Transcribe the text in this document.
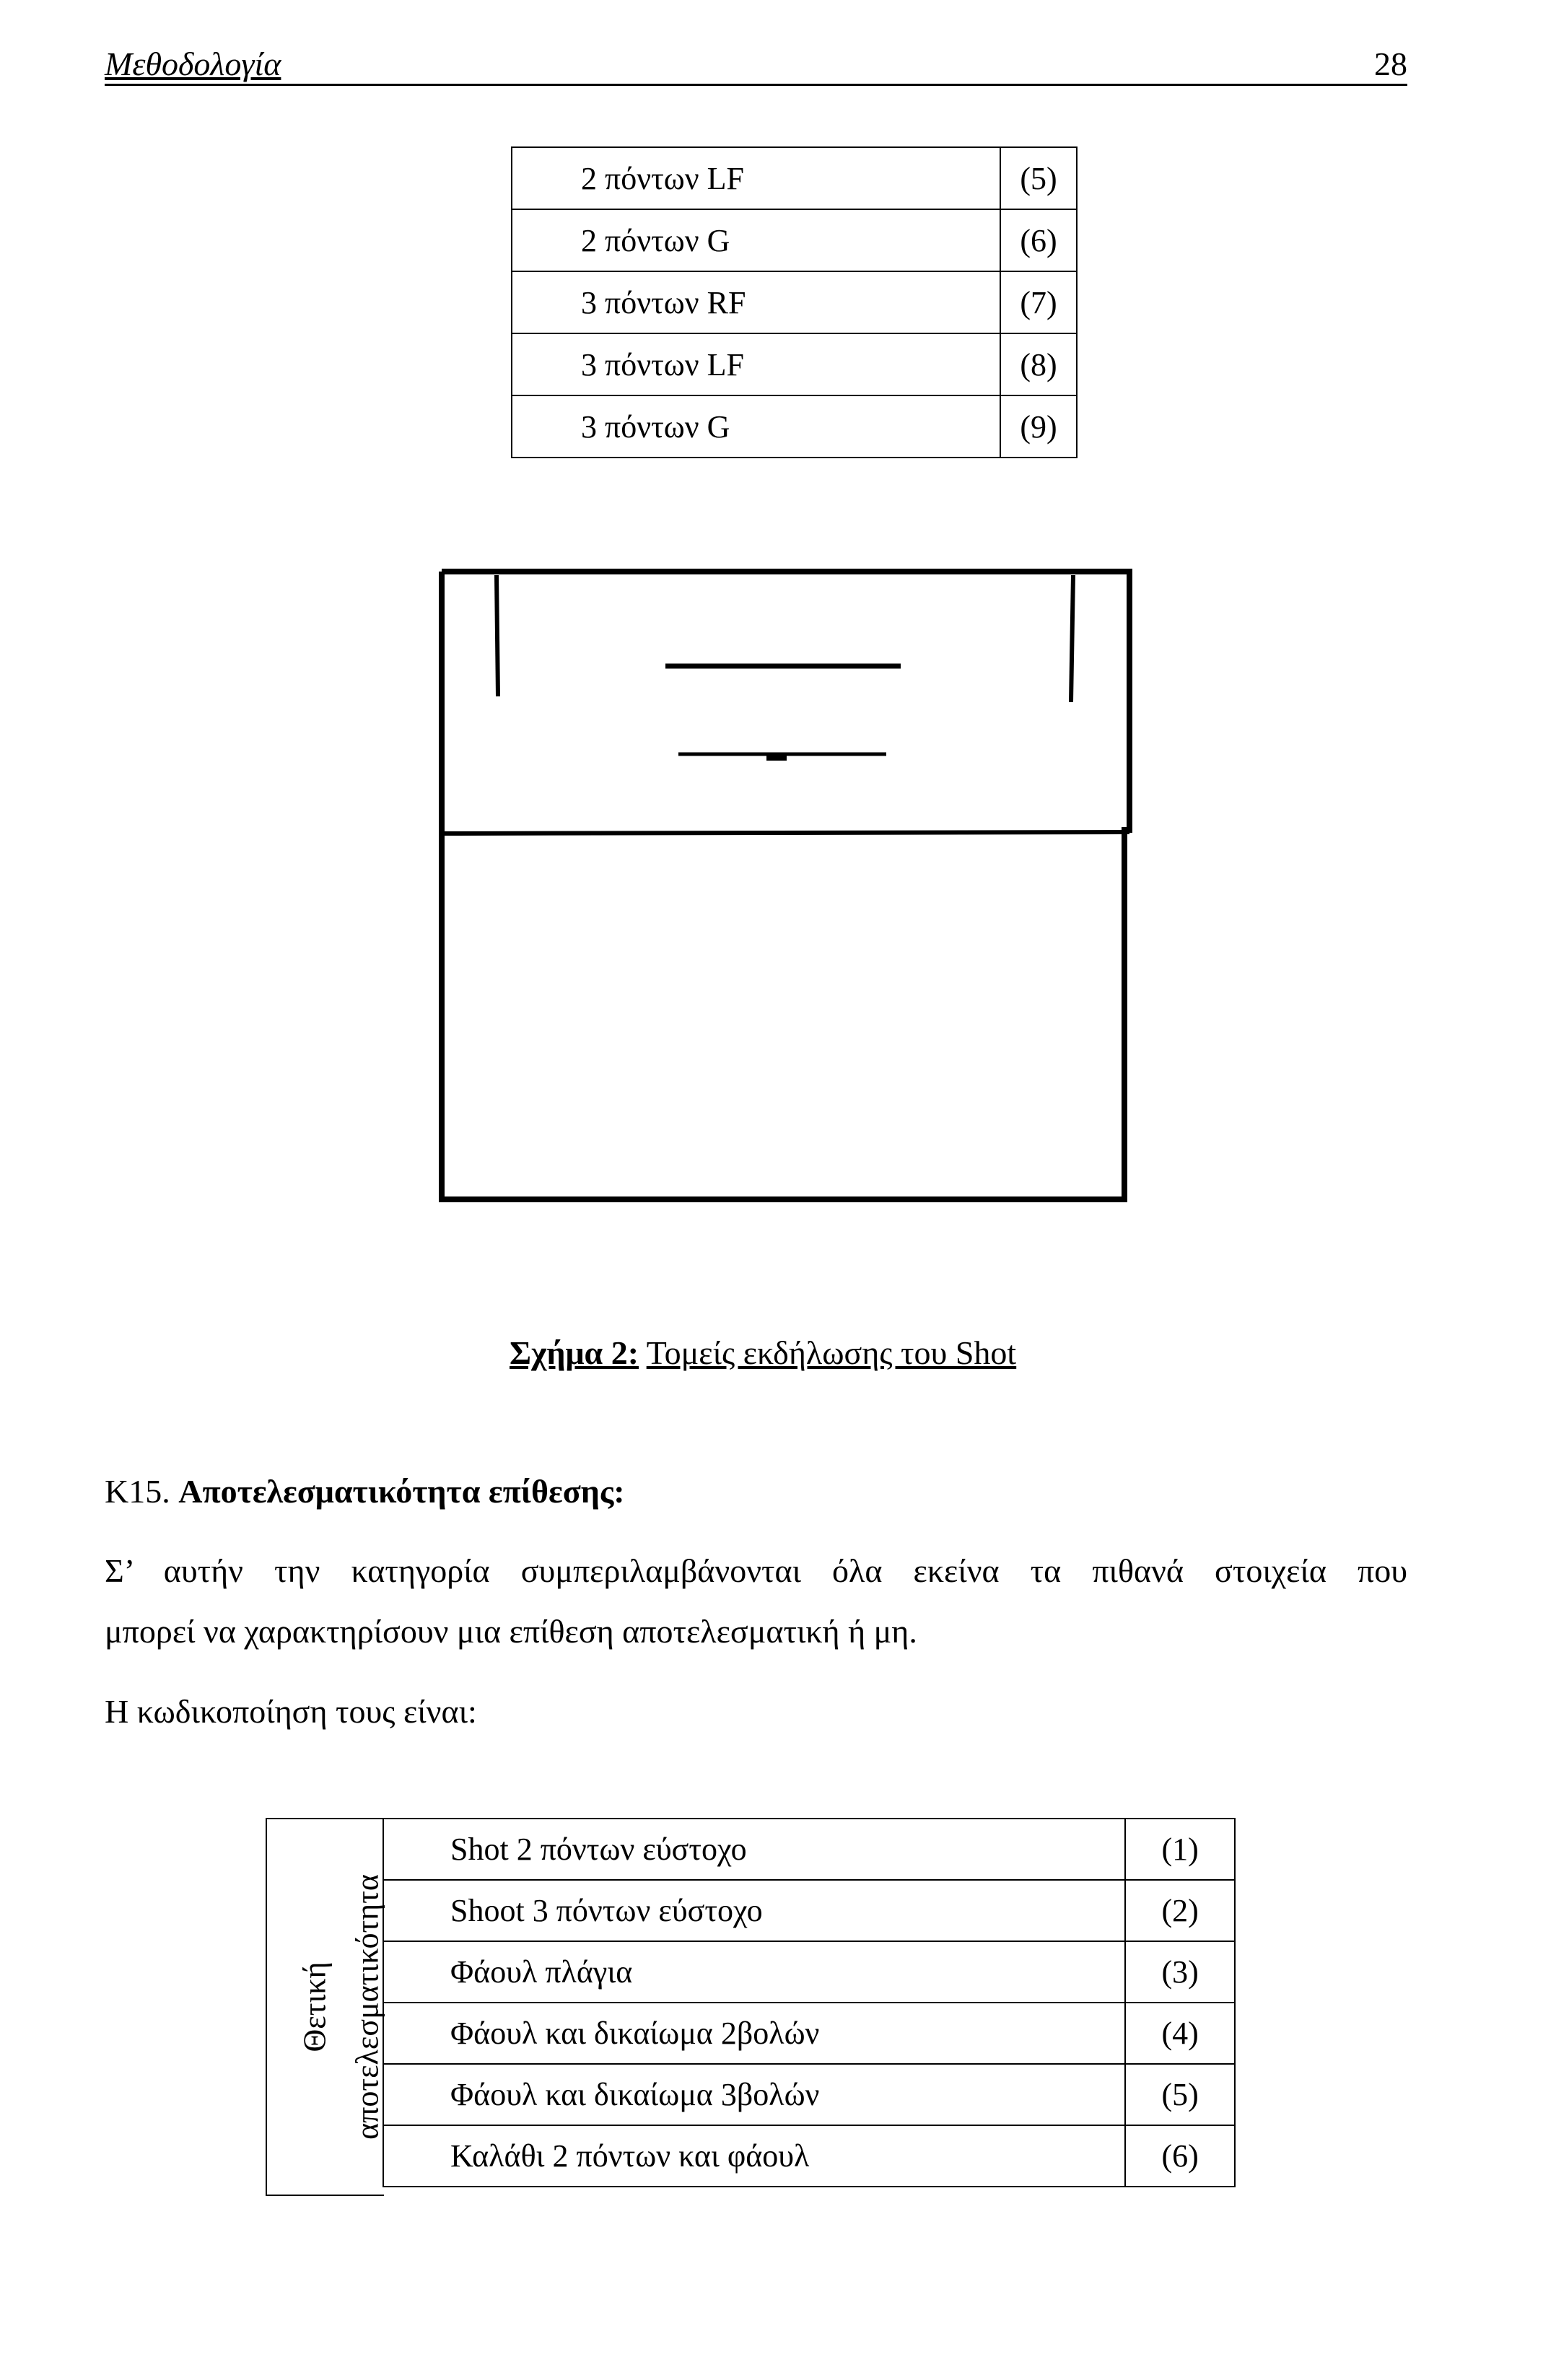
Μεθοδολογία	28
2 πόντων LF	(5)
2 πόντων G	(6)
3 πόντων RF	(7)
3 πόντων LF	(8)
3 πόντων G	(9)
Σχήμα 2: Τομείς εκδήλωσης του Shot
Κ15. Αποτελεσματικότητα επίθεσης:
Σ’ αυτήν την κατηγορία συμπεριλαμβάνονται όλα εκείνα τα πιθανά στοιχεία που
μπορεί να χαρακτηρίσουν μια επίθεση αποτελεσματική ή μη.
Η κωδικοποίηση τους είναι:
Θετική αποτελεσματικότητα
Shot 2 πόντων εύστοχο	(1)
Shoot 3 πόντων εύστοχο	(2)
Φάουλ πλάγια	(3)
Φάουλ και δικαίωμα 2βολών	(4)
Φάουλ και δικαίωμα 3βολών	(5)
Καλάθι 2 πόντων και φάουλ	(6)
